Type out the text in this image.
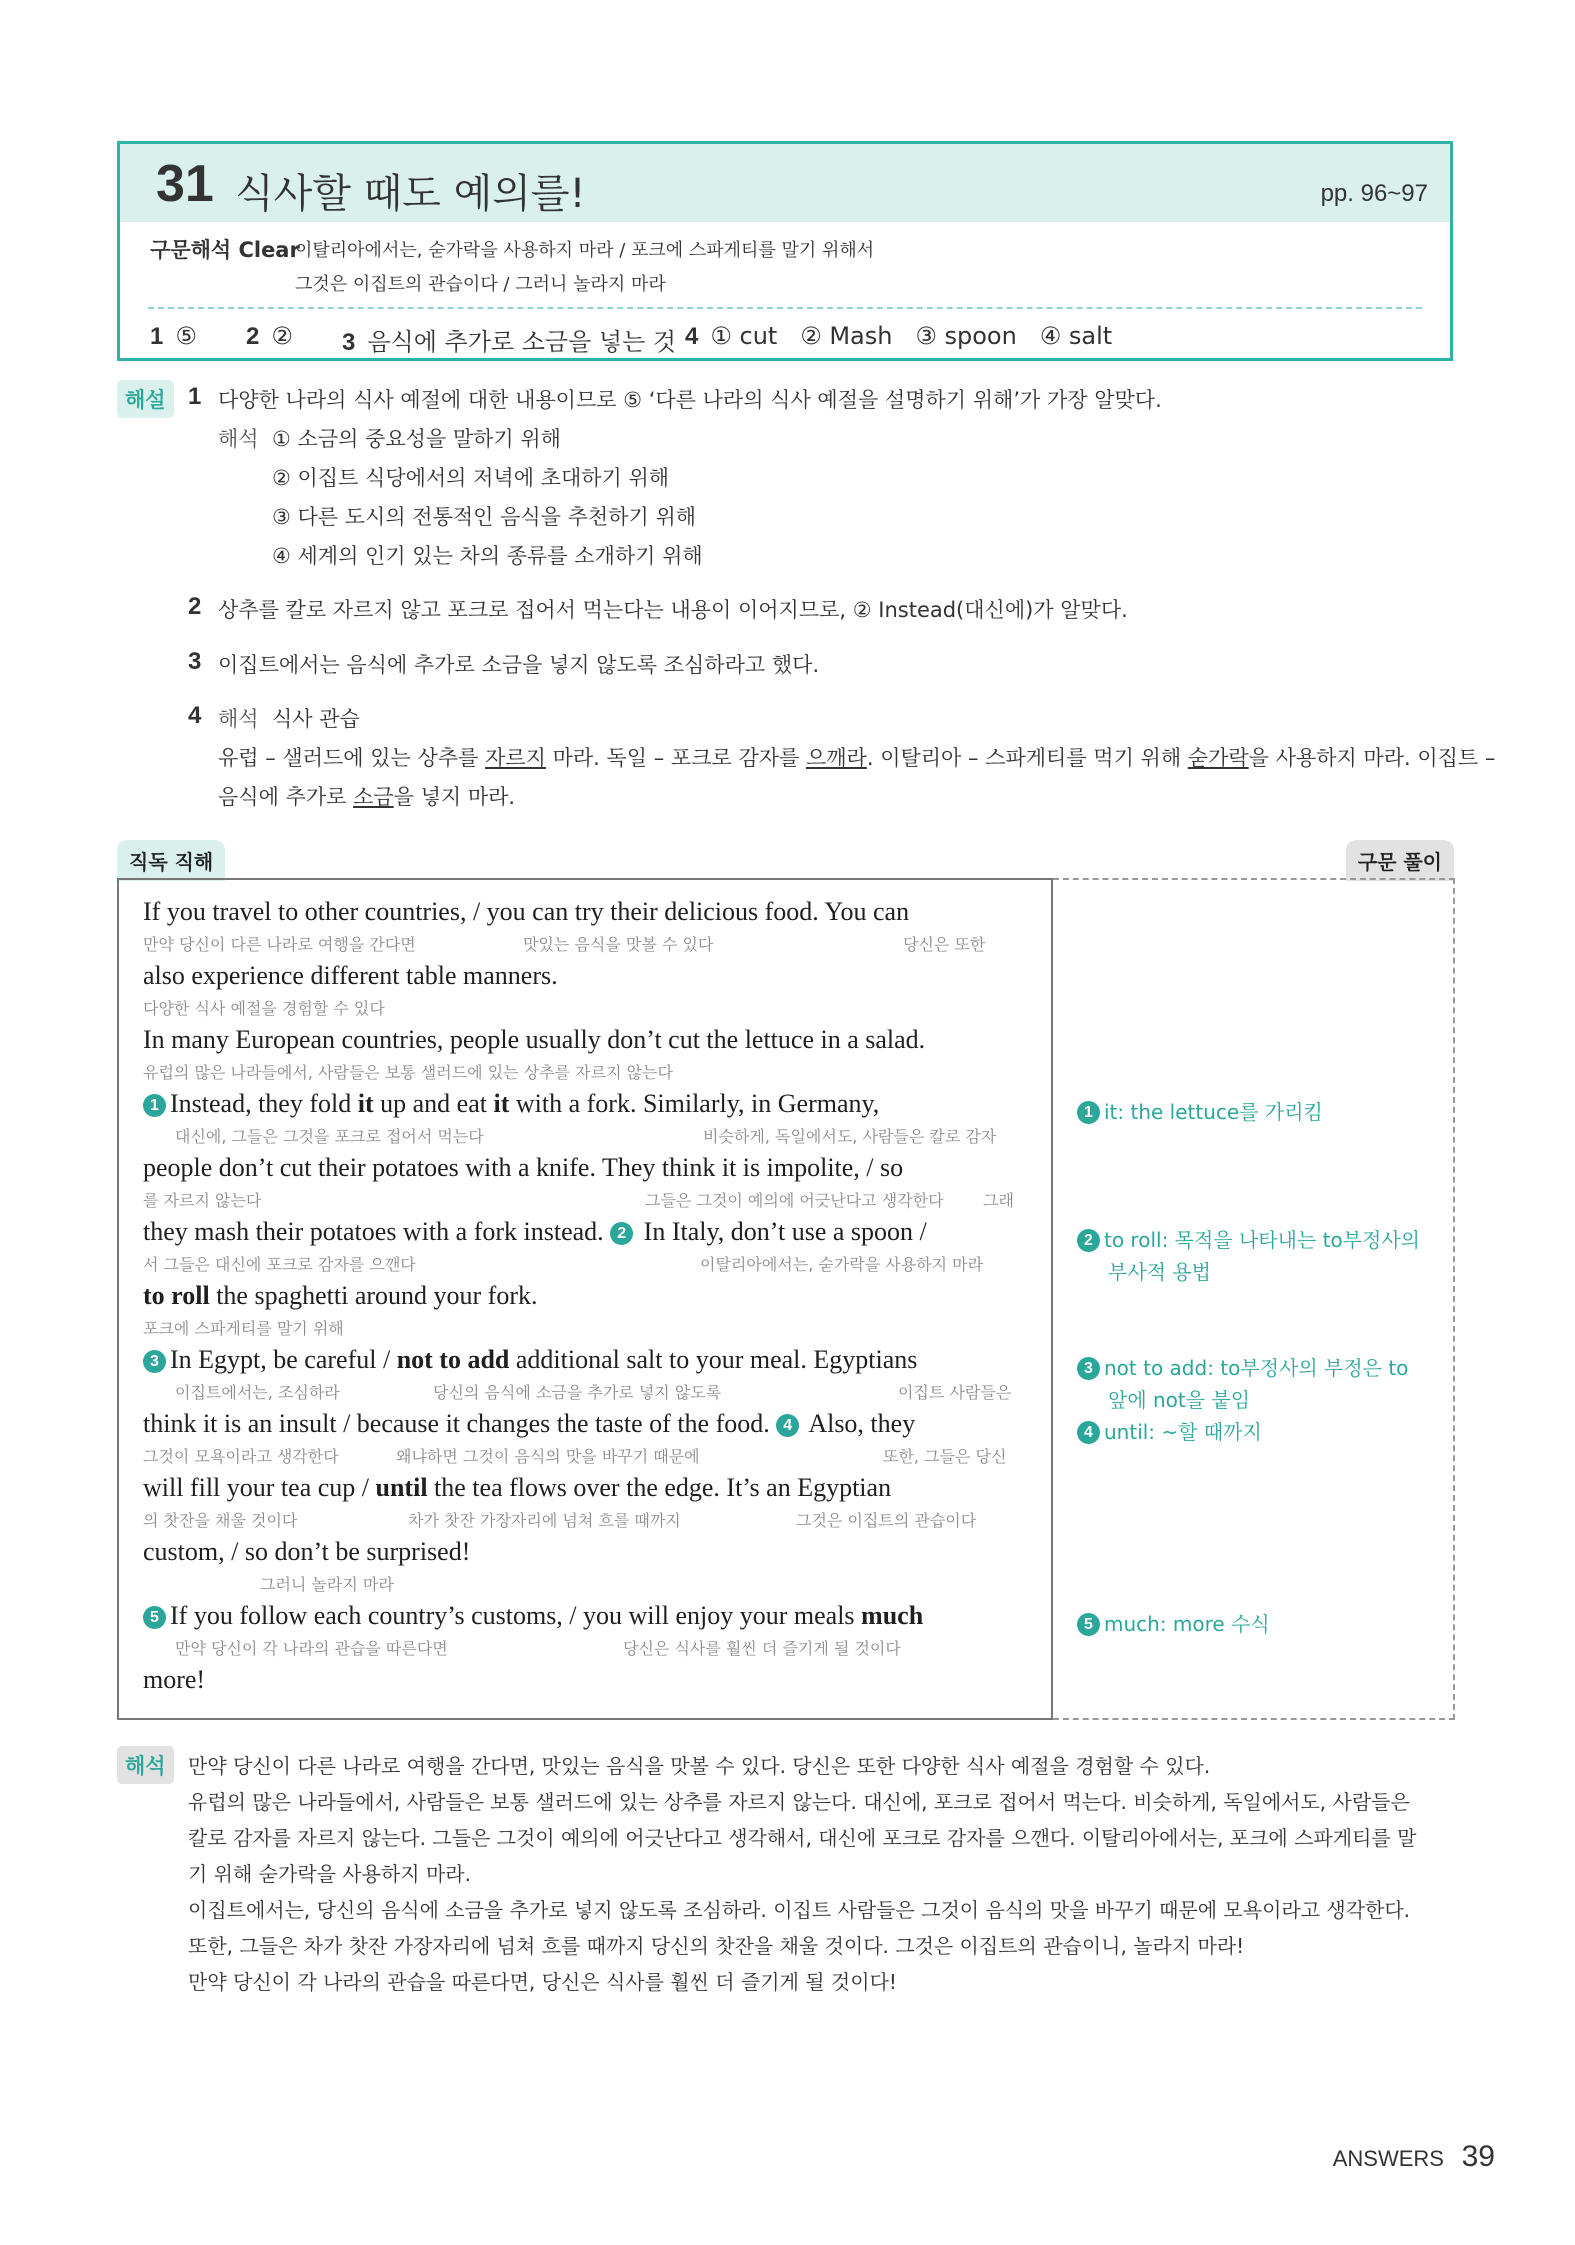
31 식사할 때도 예의를!	pp. 96~97
구문해석 Clear
이탈리아에서는, 숟가락을 사용하지 마라 / 포크에 스파게티를 말기 위해서
그것은 이집트의 관습이다 / 그러니 놀라지 마라
1 ⑤ 2 ② 3 음식에 추가로 소금을 넣는 것 4 ① cut   ② Mash   ③ spoon   ④ salt
해설 1 다양한 나라의 식사 예절에 대한 내용이므로 ⑤ ‘다른 나라의 식사 예절을 설명하기 위해’가 가장 알맞다.
해석 ① 소금의 중요성을 말하기 위해
② 이집트 식당에서의 저녁에 초대하기 위해
③ 다른 도시의 전통적인 음식을 추천하기 위해
④ 세계의 인기 있는 차의 종류를 소개하기 위해
2 상추를 칼로 자르지 않고 포크로 접어서 먹는다는 내용이 이어지므로, ② Instead(대신에)가 알맞다.
3 이집트에서는 음식에 추가로 소금을 넣지 않도록 조심하라고 했다.
4 해석 식사 관습
유럽 – 샐러드에 있는 상추를 자르지 마라. 독일 – 포크로 감자를 으깨라. 이탈리아 – 스파게티를 먹기 위해 숟가락을 사용하지 마라. 이집트 –
음식에 추가로 소금을 넣지 마라.
직독 직해	구문 풀이
If you travel to other countries, / you can try their delicious food. You can
만약 당신이 다른 나라로 여행을 간다면	맛있는 음식을 맛볼 수 있다	당신은 또한
also experience different table manners.
다양한 식사 예절을 경험할 수 있다
In many European countries, people usually don’t cut the lettuce in a salad.
유럽의 많은 나라들에서, 사람들은 보통 샐러드에 있는 상추를 자르지 않는다
1 Instead, they fold it up and eat it with a fork. Similarly, in Germany,
대신에, 그들은 그것을 포크로 접어서 먹는다	비슷하게, 독일에서도, 사람들은 칼로 감자
people don’t cut their potatoes with a knife. They think it is impolite, / so
를 자르지 않는다	그들은 그것이 예의에 어긋난다고 생각한다 그래
they mash their potatoes with a fork instead. 2 In Italy, don’t use a spoon /
서 그들은 대신에 포크로 감자를 으깬다	이탈리아에서는, 숟가락을 사용하지 마라
to roll the spaghetti around your fork.
포크에 스파게티를 말기 위해
3 In Egypt, be careful / not to add additional salt to your meal. Egyptians
이집트에서는, 조심하라	당신의 음식에 소금을 추가로 넣지 않도록	이집트 사람들은
think it is an insult / because it changes the taste of the food. 4 Also, they
그것이 모욕이라고 생각한다	왜냐하면 그것이 음식의 맛을 바꾸기 때문에	또한, 그들은 당신
will fill your tea cup / until the tea flows over the edge. It’s an Egyptian
의 찻잔을 채울 것이다	차가 찻잔 가장자리에 넘쳐 흐를 때까지	그것은 이집트의 관습이다
custom, / so don’t be surprised!
그러니 놀라지 마라
5 If you follow each country’s customs, / you will enjoy your meals much
만약 당신이 각 나라의 관습을 따른다면	당신은 식사를 훨씬 더 즐기게 될 것이다
more!
1 it: the lettuce를 가리킴
2 to roll: 목적을 나타내는 to부정사의
부사적 용법
3 not to add: to부정사의 부정은 to
앞에 not을 붙임
4 until: ~할 때까지
5 much: more 수식
해석	만약 당신이 다른 나라로 여행을 간다면, 맛있는 음식을 맛볼 수 있다. 당신은 또한 다양한 식사 예절을 경험할 수 있다.
유럽의 많은 나라들에서, 사람들은 보통 샐러드에 있는 상추를 자르지 않는다. 대신에, 포크로 접어서 먹는다. 비슷하게, 독일에서도, 사람들은
칼로 감자를 자르지 않는다. 그들은 그것이 예의에 어긋난다고 생각해서, 대신에 포크로 감자를 으깬다. 이탈리아에서는, 포크에 스파게티를 말
기 위해 숟가락을 사용하지 마라.
이집트에서는, 당신의 음식에 소금을 추가로 넣지 않도록 조심하라. 이집트 사람들은 그것이 음식의 맛을 바꾸기 때문에 모욕이라고 생각한다.
또한, 그들은 차가 찻잔 가장자리에 넘쳐 흐를 때까지 당신의 찻잔을 채울 것이다. 그것은 이집트의 관습이니, 놀라지 마라!
만약 당신이 각 나라의 관습을 따른다면, 당신은 식사를 훨씬 더 즐기게 될 것이다!
ANSWERS 39
